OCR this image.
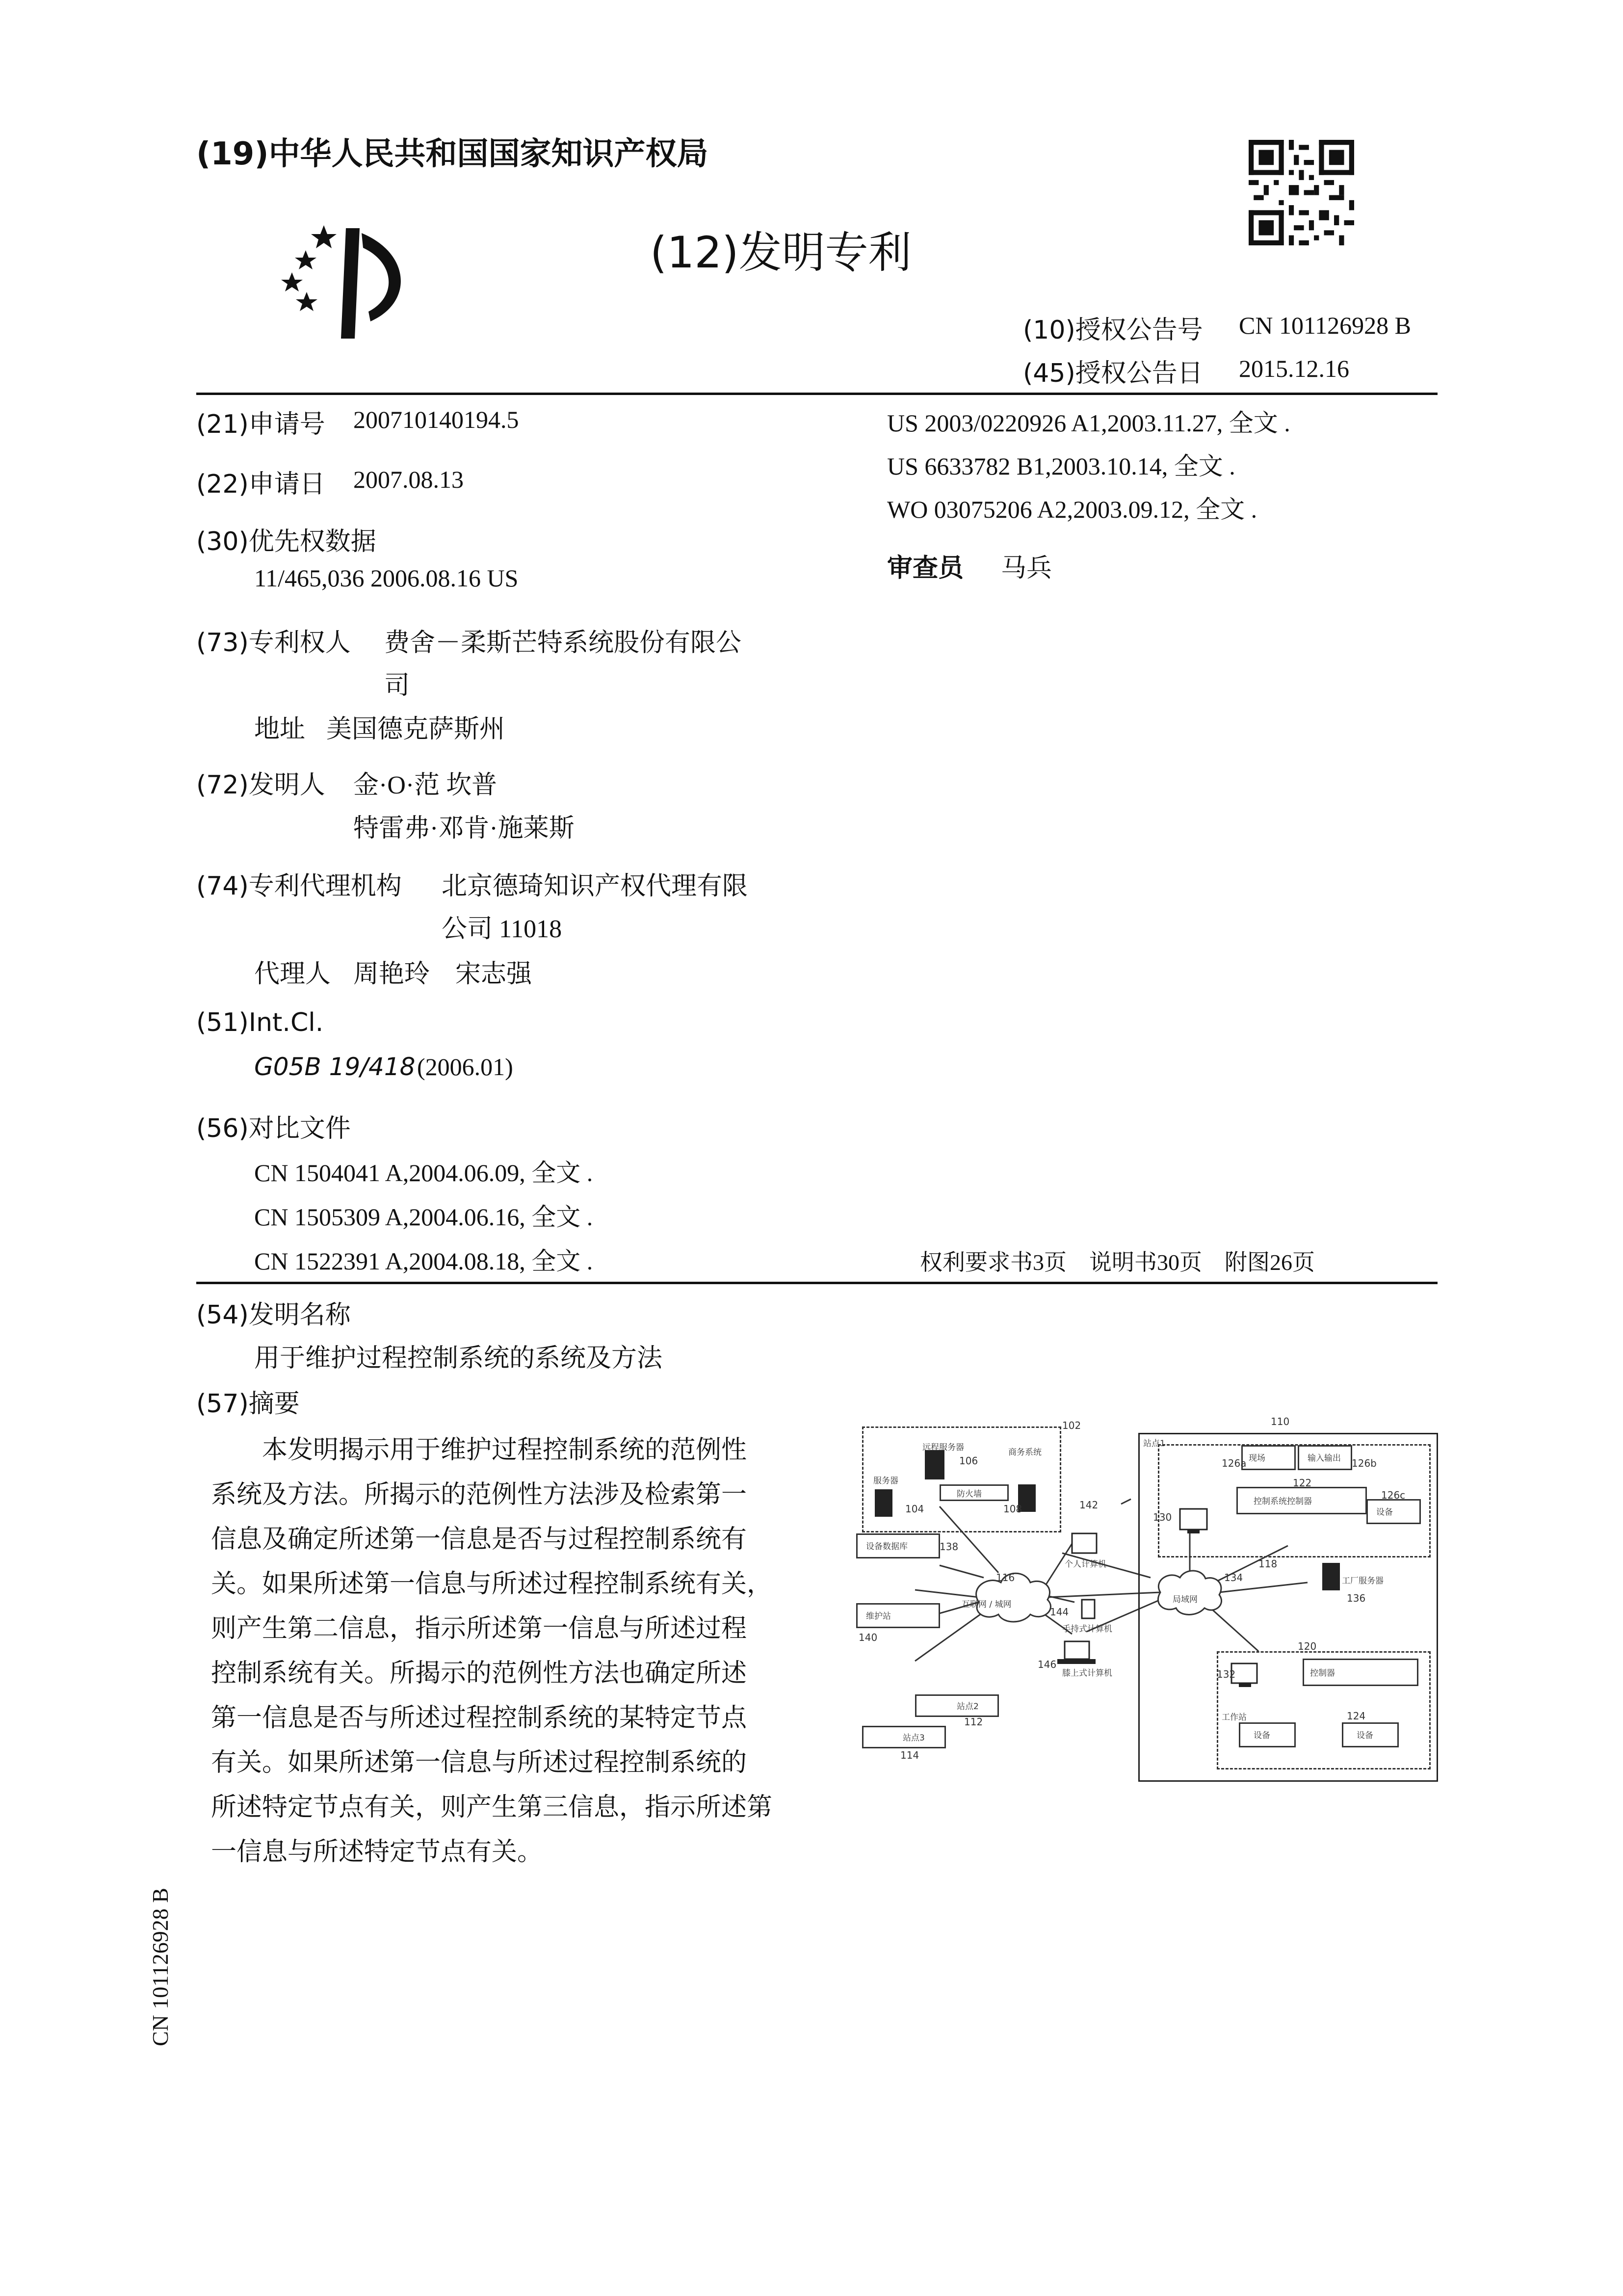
(19)中华人民共和国国家知识产权局
(12)发明专利
(10)授权公告号 CN 101126928 B
(45)授权公告日 2015.12.16
(21)申请号 200710140194.5
(22)申请日 2007.08.13
(30)优先权数据
11/465,036 2006.08.16 US
(73)专利权人 费舍－柔斯芒特系统股份有限公
司
地址 美国德克萨斯州
(72)发明人 金·O·范 坎普
特雷弗·邓肯·施莱斯
(74)专利代理机构 北京德琦知识产权代理有限
公司 11018
代理人 周艳玲　宋志强
(51)Int.Cl.
G05B 19/418 (2006.01)
(56)对比文件
CN 1504041 A,2004.06.09, 全文 .
CN 1505309 A,2004.06.16, 全文 .
CN 1522391 A,2004.08.18, 全文 .
US 2003/0220926 A1,2003.11.27, 全文 .
US 6633782 B1,2003.10.14, 全文 .
WO 03075206 A2,2003.09.12, 全文 .
审查员 马兵
权利要求书3页　说明书30页　附图26页
(54)发明名称
用于维护过程控制系统的系统及方法
(57)摘要
　　本发明揭示用于维护过程控制系统的范例性
系统及方法。所揭示的范例性方法涉及检索第一
信息及确定所述第一信息是否与过程控制系统有
关。如果所述第一信息与所述过程控制系统有关，
则产生第二信息，指示所述第一信息与所述过程
控制系统有关。所揭示的范例性方法也确定所述
第一信息是否与所述过程控制系统的某特定节点
有关。如果所述第一信息与所述过程控制系统的
所述特定节点有关，则产生第三信息，指示所述第
一信息与所述特定节点有关。
CN 101126928 B
服务器
远程服务器	商务系统
防火墙
设备数据库
维护站
站点2
站点3
互联网 / 城网	局域网
个人计算机
手持式计算机
膝上式计算机
站点1
现场	输入输出
控制系统控制器
设备
工厂服务器
控制器
工作站
设备	设备
102
104
106
108
110
112
114
116
118
120
122
124
126a	126b
126c
130
132
134
136
138
140
142
144
146
